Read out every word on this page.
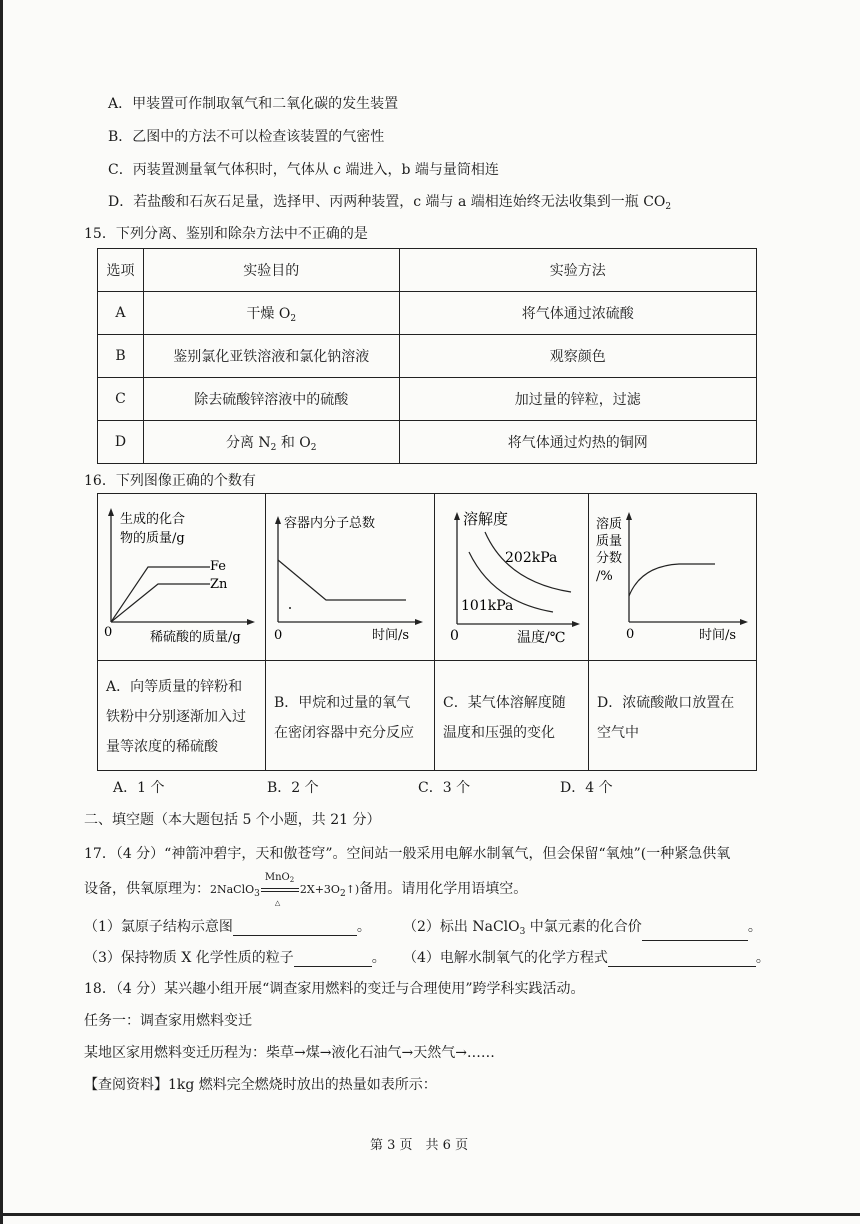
A．甲装置可作制取氧气和二氧化碳的发生装置
B．乙图中的方法不可以检查该装置的气密性
C．丙装置测量氧气体积时，气体从 c 端进入，b 端与量筒相连
D．若盐酸和石灰石足量，选择甲、丙两种装置，c 端与 a 端相连始终无法收集到一瓶 $CO_2$
15．下列分离、鉴别和除杂方法中不正确的是
选项	实验目的	实验方法
A	干燥 $O_2$	将气体通过浓硫酸
B	鉴别氯化亚铁溶液和氯化钠溶液	观察颜色
C	除去硫酸锌溶液中的硫酸	加过量的锌粒，过滤
D	分离 $N_2$ 和 $O_2$	将气体通过灼热的铜网
16．下列图像正确的个数有
生成的化合
物的质量/g
Fe
Zn
0	稀硫酸的质量/g
容器内分子总数
0	时间/s
溶解度
202kPa
101kPa
0	温度/℃
溶质
质量
分数
/%
0	时间/s
A．向等质量的锌粉和
铁粉中分别逐渐加入过
量等浓度的稀硫酸
B．甲烷和过量的氧气
在密闭容器中充分反应
C．某气体溶解度随
温度和压强的变化
D．浓硫酸敞口放置在
空气中
A．1 个	B．2 个	C．3 个	D．4 个
二、填空题（本大题包括 5 个小题，共 21 分）
17．（4 分）“神箭冲碧宇，天和傲苍穹”。空间站一般采用电解水制氧气，但会保留“氧烛”(一种紧急供氧
设备，供氧原理为：2NaClO$_3$
MnO$_2$
△
$2X+3O_2↑$)备用。请用化学用语填空。
（1）氯原子结构示意图	。 （2）标出 NaClO$_3$ 中氯元素的化合价	。
（3）保持物质 X 化学性质的粒子	。 （4）电解水制氧气的化学方程式	。
18．（4 分）某兴趣小组开展“调查家用燃料的变迁与合理使用”跨学科实践活动。
任务一：调查家用燃料变迁
某地区家用燃料变迁历程为：柴草→煤→液化石油气→天然气→……
【查阅资料】1kg 燃料完全燃烧时放出的热量如表所示：
第 3 页　共 6 页
